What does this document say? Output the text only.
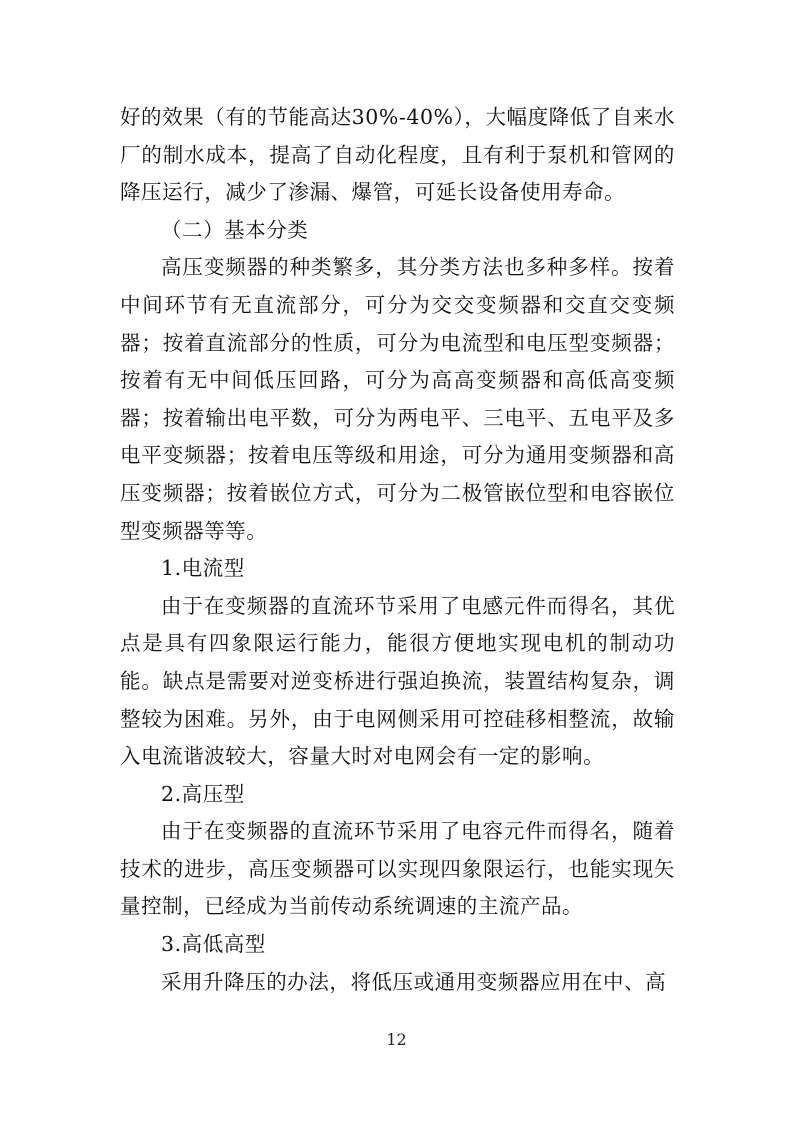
好的效果（有的节能高达30%-40%），大幅度降低了自来水厂的制水成本，提高了自动化程度，且有利于泵机和管网的降压运行，减少了渗漏、爆管，可延长设备使用寿命。

（二）基本分类

高压变频器的种类繁多，其分类方法也多种多样。按着中间环节有无直流部分，可分为交交变频器和交直交变频器；按着直流部分的性质，可分为电流型和电压型变频器；按着有无中间低压回路，可分为高高变频器和高低高变频器；按着输出电平数，可分为两电平、三电平、五电平及多电平变频器；按着电压等级和用途，可分为通用变频器和高压变频器；按着嵌位方式，可分为二极管嵌位型和电容嵌位型变频器等等。

1.电流型

由于在变频器的直流环节采用了电感元件而得名，其优点是具有四象限运行能力，能很方便地实现电机的制动功能。缺点是需要对逆变桥进行强迫换流，装置结构复杂，调整较为困难。另外，由于电网侧采用可控硅移相整流，故输入电流谐波较大，容量大时对电网会有一定的影响。

2.高压型

由于在变频器的直流环节采用了电容元件而得名，随着技术的进步，高压变频器可以实现四象限运行，也能实现矢量控制，已经成为当前传动系统调速的主流产品。

3.高低高型

采用升降压的办法，将低压或通用变频器应用在中、高

12
